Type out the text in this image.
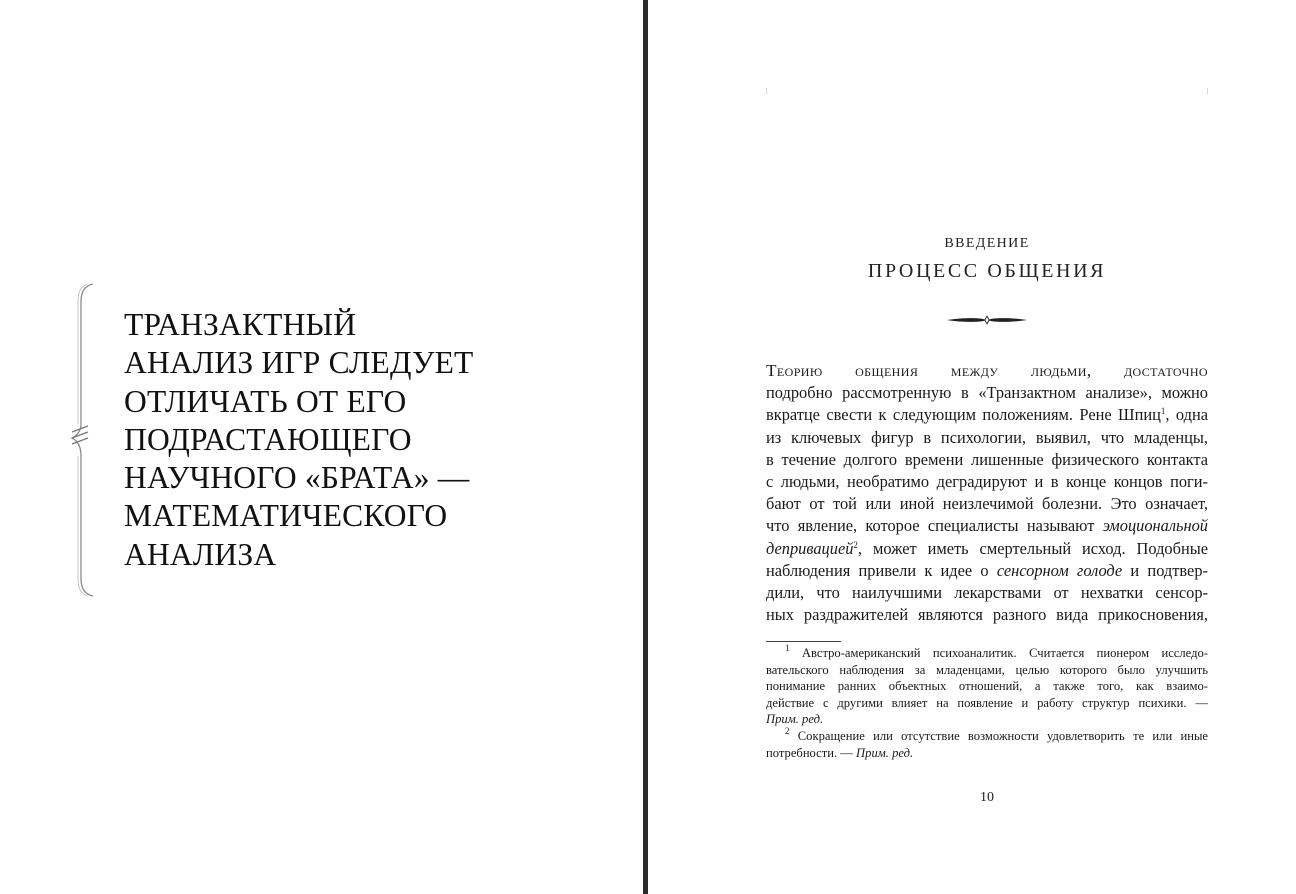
ТРАНЗАКТНЫЙ
АНАЛИЗ ИГР СЛЕДУЕТ
ОТЛИЧАТЬ ОТ ЕГО
ПОДРАСТАЮЩЕГО
НАУЧНОГО «БРАТА» —
МАТЕМАТИЧЕСКОГО
АНАЛИЗА

ВВЕДЕНИЕ
ПРОЦЕСС ОБЩЕНИЯ
Теорию общения между людьми, достаточно
подробно рассмотренную в «Транзактном анализе», можно
вкратце свести к следующим положениям. Рене Шпиц$^1$, одна
из ключевых фигур в психологии, выявил, что младенцы,
в течение долгого времени лишенные физического контакта
с людьми, необратимо деградируют и в конце концов поги-
бают от той или иной неизлечимой болезни. Это означает,
что явление, которое специалисты называют эмоциональной
депривацией$^2$, может иметь смертельный исход. Подобные
наблюдения привели к идее о сенсорном голоде и подтвер-
дили, что наилучшими лекарствами от нехватки сенсор-
ных раздражителей являются разного вида прикосновения,
$^1$ Австро-американский психоаналитик. Считается пионером исследо-
вательского наблюдения за младенцами, целью которого было улучшить
понимание ранних объектных отношений, а также того, как взаимо-
действие с другими влияет на появление и работу структур психики. —
Прим. ред.
$^2$ Сокращение или отсутствие возможности удовлетворить те или иные
потребности. — Прим. ред.
10
